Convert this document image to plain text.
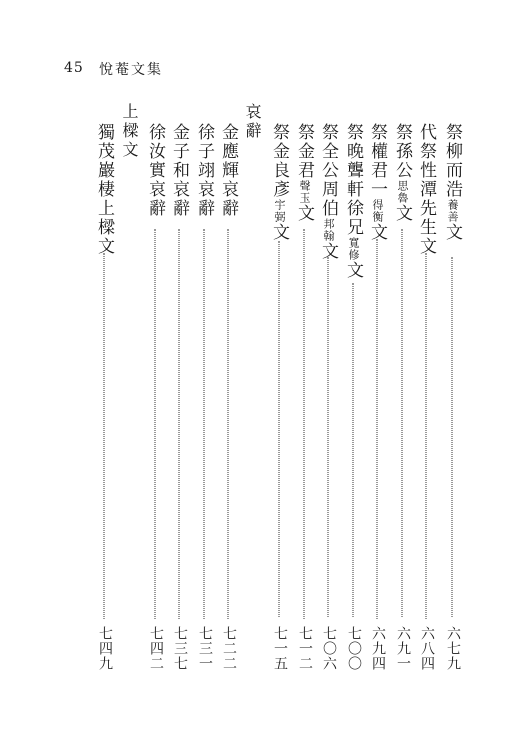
45 悅菴文集
祭柳而浩養善文
六七九
代祭性潭先生文
六八四
祭孫公思魯文
六九一
祭權君一得衡文
六九四
祭晚聾軒徐兄寬修文
七〇〇
祭全公周伯邦翰文
七〇六
祭金君聲玉文
七一二
祭金良彥宇弼文
七一五
哀辭
金應輝哀辭
七二二
徐子翊哀辭
七三一
金子和哀辭
七三七
徐汝實哀辭
七四二
上樑文
獨茂巖棲上樑文
七四九
